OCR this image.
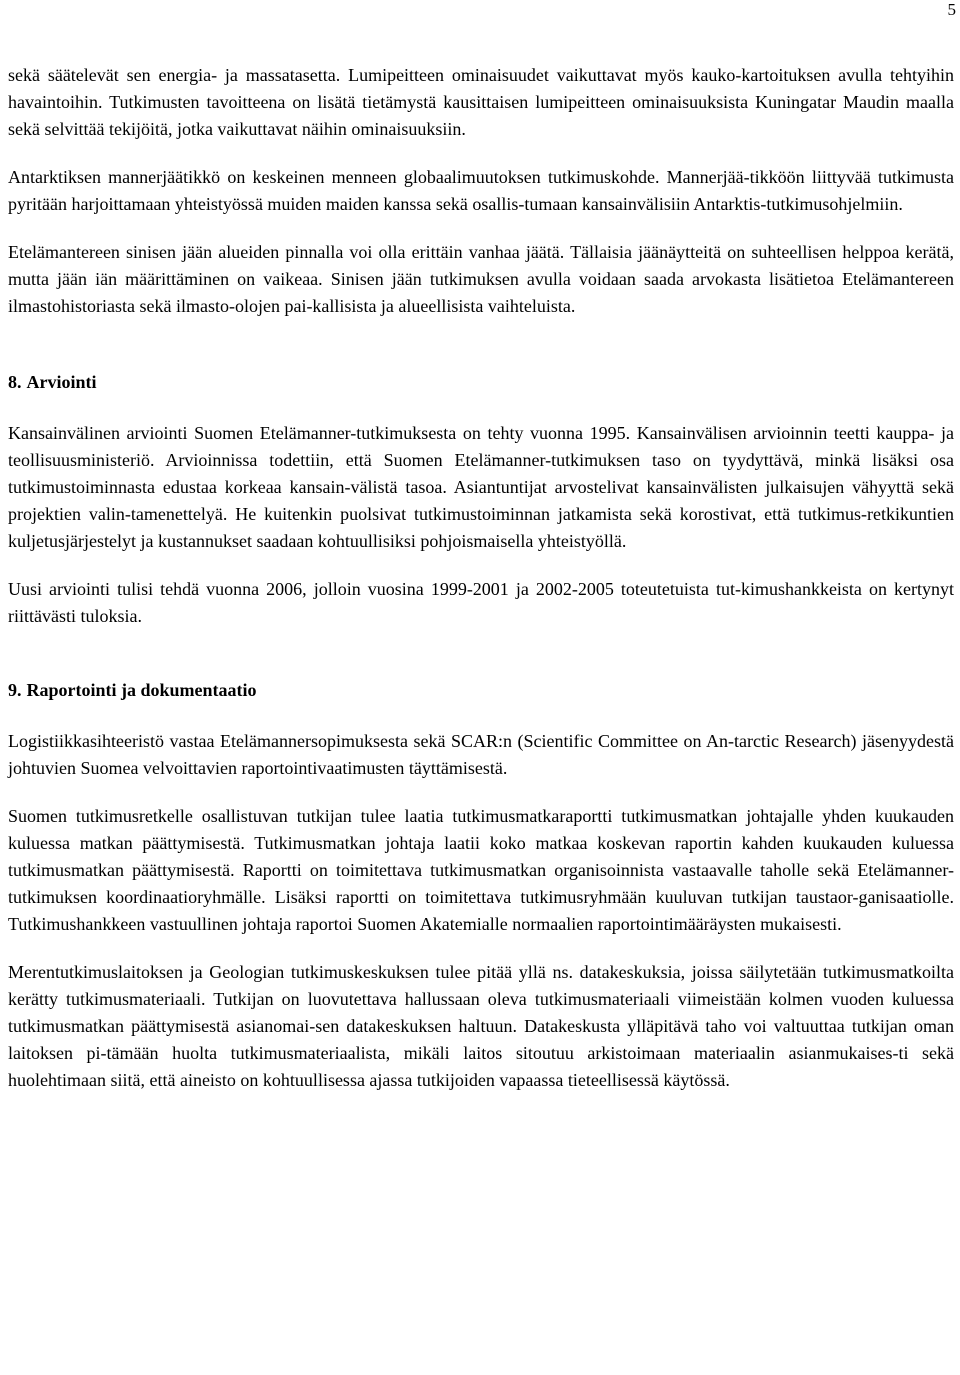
5

sekä säätelevät sen energia- ja massatasetta. Lumipeitteen ominaisuudet vaikuttavat myös kauko-kartoituksen avulla tehtyihin havaintoihin. Tutkimusten tavoitteena on lisätä tietämystä kausittaisen lumipeitteen ominaisuuksista Kuningatar Maudin maalla sekä selvittää tekijöitä, jotka vaikuttavat näihin ominaisuuksiin.

Antarktiksen mannerjäätikkö on keskeinen menneen globaalimuutoksen tutkimuskohde. Mannerjää-tikköön liittyvää tutkimusta pyritään harjoittamaan yhteistyössä muiden maiden kanssa sekä osallis-tumaan kansainvälisiin Antarktis-tutkimusohjelmiin.

Etelämantereen sinisen jään alueiden pinnalla voi olla erittäin vanhaa jäätä. Tällaisia jäänäytteitä on suhteellisen helppoa kerätä, mutta jään iän määrittäminen on vaikeaa. Sinisen jään tutkimuksen avulla voidaan saada arvokasta lisätietoa Etelämantereen ilmastohistoriasta sekä ilmasto-olojen pai-kallisista ja alueellisista vaihteluista.

8. Arviointi

Kansainvälinen arviointi Suomen Etelämanner-tutkimuksesta on tehty vuonna 1995. Kansainvälisen arvioinnin teetti kauppa- ja teollisuusministeriö. Arvioinnissa todettiin, että Suomen Etelämanner-tutkimuksen taso on tyydyttävä, minkä lisäksi osa tutkimustoiminnasta edustaa korkeaa kansain-välistä tasoa. Asiantuntijat arvostelivat kansainvälisten julkaisujen vähyyttä sekä projektien valin-tamenettelyä. He kuitenkin puolsivat tutkimustoiminnan jatkamista sekä korostivat, että tutkimus-retkikuntien kuljetusjärjestelyt ja kustannukset saadaan kohtuullisiksi pohjoismaisella yhteistyöllä.

Uusi arviointi tulisi tehdä vuonna 2006, jolloin vuosina 1999-2001 ja 2002-2005 toteutetuista tut-kimushankkeista on kertynyt riittävästi tuloksia.

9. Raportointi ja dokumentaatio

Logistiikkasihteeristö vastaa Etelämannersopimuksesta sekä SCAR:n (Scientific Committee on An-tarctic Research) jäsenyydestä johtuvien Suomea velvoittavien raportointivaatimusten täyttämisestä.

Suomen tutkimusretkelle osallistuvan tutkijan tulee laatia tutkimusmatkaraportti tutkimusmatkan johtajalle yhden kuukauden kuluessa matkan päättymisestä. Tutkimusmatkan johtaja laatii koko matkaa koskevan raportin kahden kuukauden kuluessa tutkimusmatkan päättymisestä. Raportti on toimitettava tutkimusmatkan organisoinnista vastaavalle taholle sekä Etelämanner-tutkimuksen koordinaatioryhmälle. Lisäksi raportti on toimitettava tutkimusryhmään kuuluvan tutkijan taustaor-ganisaatiolle. Tutkimushankkeen vastuullinen johtaja raportoi Suomen Akatemialle normaalien raportointimääräysten mukaisesti.

Merentutkimuslaitoksen ja Geologian tutkimuskeskuksen tulee pitää yllä ns. datakeskuksia, joissa säilytetään tutkimusmatkoilta kerätty tutkimusmateriaali. Tutkijan on luovutettava hallussaan oleva tutkimusmateriaali viimeistään kolmen vuoden kuluessa tutkimusmatkan päättymisestä asianomai-sen datakeskuksen haltuun. Datakeskusta ylläpitävä taho voi valtuuttaa tutkijan oman laitoksen pi-tämään huolta tutkimusmateriaalista, mikäli laitos sitoutuu arkistoimaan materiaalin asianmukaises-ti sekä huolehtimaan siitä, että aineisto on kohtuullisessa ajassa tutkijoiden vapaassa tieteellisessä käytössä.
